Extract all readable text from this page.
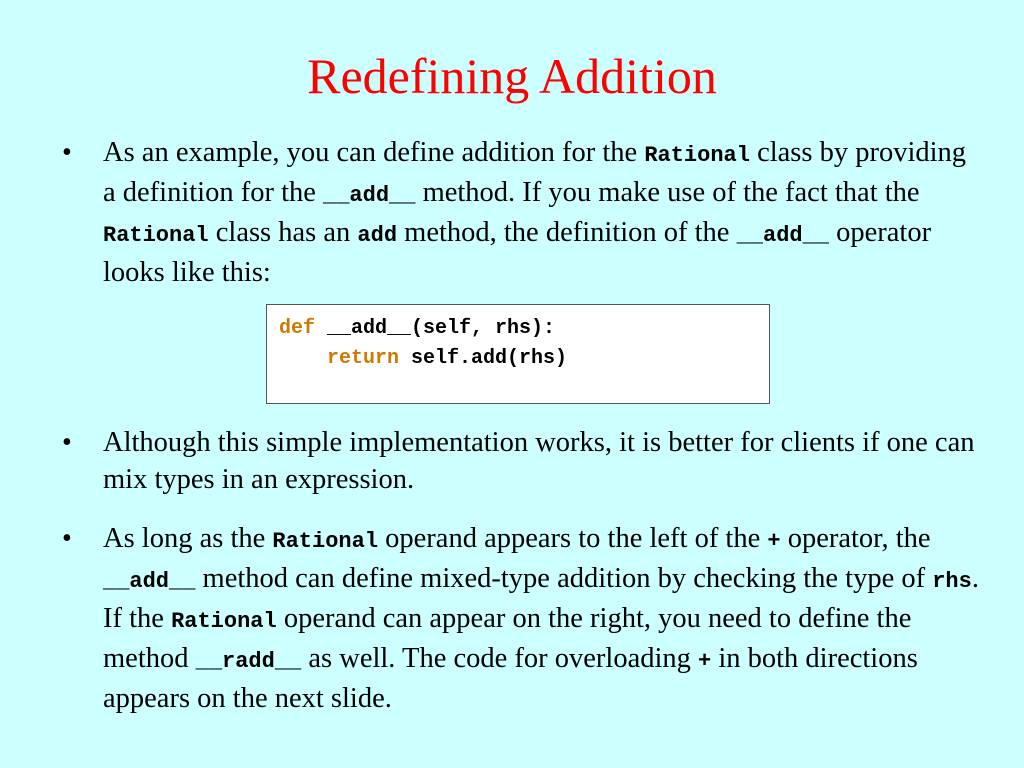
Redefining Addition
• As an example, you can define addition for the Rational class by providing a definition for the __add__ method. If you make use of the fact that the Rational class has an add method, the definition of the __add__ operator looks like this:
def __add__(self, rhs):
return self.add(rhs)
• Although this simple implementation works, it is better for clients if one can mix types in an expression.
• As long as the Rational operand appears to the left of the + operator, the __add__ method can define mixed-type addition by checking the type of rhs. If the Rational operand can appear on the right, you need to define the method __radd__ as well. The code for overloading + in both directions appears on the next slide.
